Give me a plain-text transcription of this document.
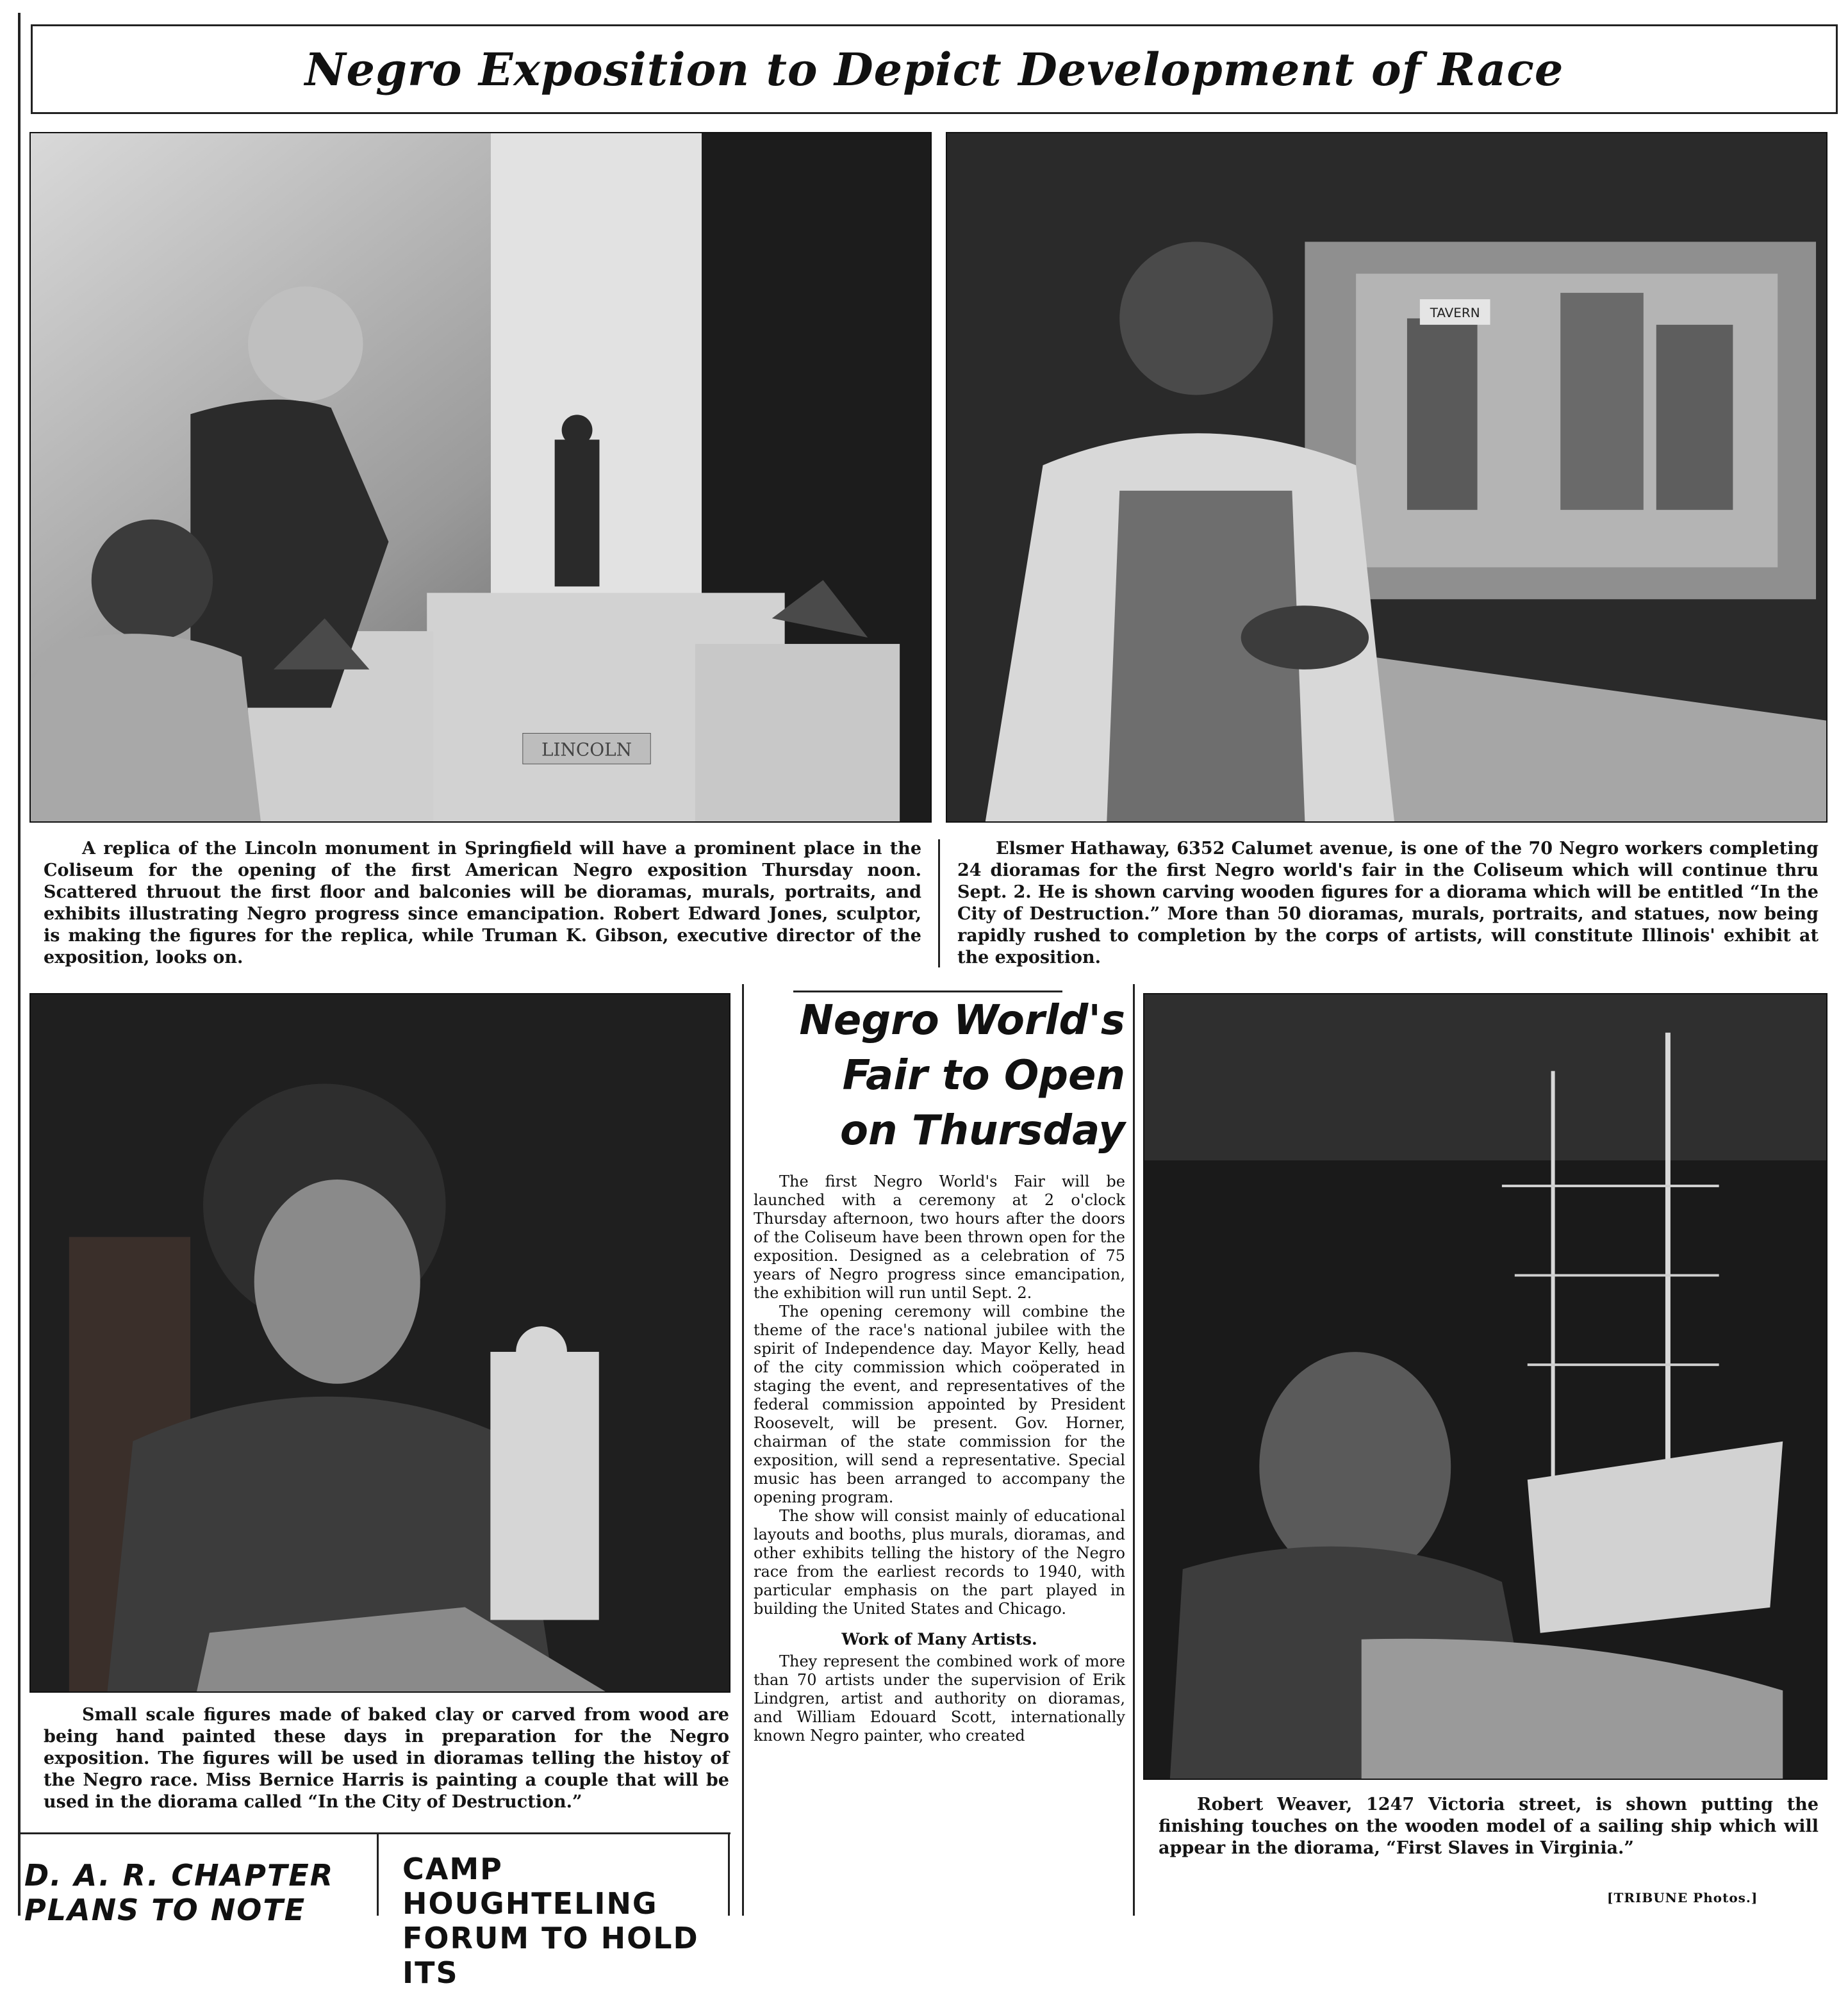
Negro Exposition to Depict Development of Race
LINCOLN
TAVERN
A replica of the Lincoln monument in Springfield will have a prominent place in the Coliseum for the opening of the first American Negro exposition Thursday noon. Scattered thruout the first floor and balconies will be dioramas, murals, portraits, and exhibits illustrating Negro progress since emancipation. Robert Edward Jones, sculptor, is making the figures for the replica, while Truman K. Gibson, executive director of the exposition, looks on.
Elsmer Hathaway, 6352 Calumet avenue, is one of the 70 Negro workers completing 24 dioramas for the first Negro world's fair in the Coliseum which will continue thru Sept. 2. He is shown carving wooden figures for a diorama which will be entitled “In the City of Destruction.” More than 50 dioramas, murals, portraits, and statues, now being rapidly rushed to completion by the corps of artists, will constitute Illinois' exhibit at the exposition.
Small scale figures made of baked clay or carved from wood are being hand painted these days in preparation for the Negro exposition. The figures will be used in dioramas telling the histoy of the Negro race. Miss Bernice Harris is painting a couple that will be used in the diorama called “In the City of Destruction.”
Negro World's
Fair to Open
on Thursday

The first Negro World's Fair will be launched with a ceremony at 2 o'clock Thursday afternoon, two hours after the doors of the Coliseum have been thrown open for the exposition. Designed as a celebration of 75 years of Negro progress since emancipation, the exhibition will run until Sept. 2.

The opening ceremony will combine the theme of the race's national jubilee with the spirit of Independence day. Mayor Kelly, head of the city commission which coöperated in staging the event, and representatives of the federal commission appointed by President Roosevelt, will be present. Gov. Horner, chairman of the state commission for the exposition, will send a representative. Special music has been arranged to accompany the opening program.

The show will consist mainly of educational layouts and booths, plus murals, dioramas, and other exhibits telling the history of the Negro race from the earliest records to 1940, with particular emphasis on the part played in building the United States and Chicago.

Work of Many Artists.

They represent the combined work of more than 70 artists under the supervision of Erik Lindgren, artist and authority on dioramas, and William Edouard Scott, internationally known Negro painter, who created

Robert Weaver, 1247 Victoria street, is shown putting the finishing touches on the wooden model of a sailing ship which will appear in the diorama, “First Slaves in Virginia.”
[TRIBUNE Photos.]
D. A. R. CHAPTER
PLANS TO NOTE
CAMP HOUGHTELING
FORUM TO HOLD ITS
